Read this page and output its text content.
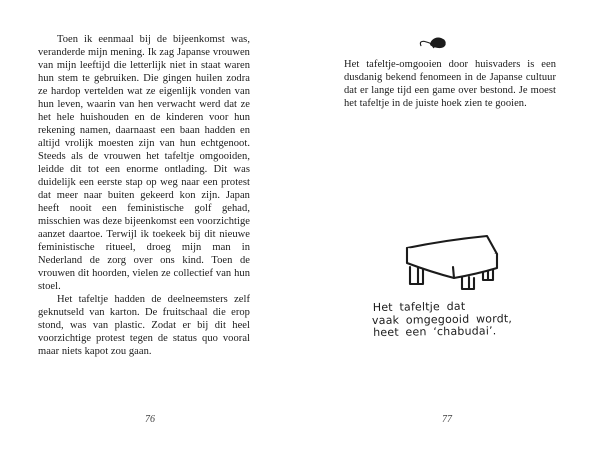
Toen ik eenmaal bij de bijeenkomst was, veranderde mijn mening. Ik zag Japanse vrouwen van mijn leeftijd die letterlijk niet in staat waren hun stem te gebruiken. Die gingen huilen zodra ze hardop vertelden wat ze eigenlijk vonden van hun leven, waarin van hen verwacht werd dat ze het hele huishouden en de kinderen voor hun rekening namen, daarnaast een baan hadden en altijd vrolijk moesten zijn van hun echtgenoot. Steeds als de vrouwen het tafeltje omgooiden, leidde dit tot een enorme ontlading. Dit was duidelijk een eerste stap op weg naar een protest dat meer naar buiten gekeerd kon zijn. Japan heeft nooit een feministische golf gehad, misschien was deze bijeenkomst een voorzichtige aanzet daartoe. Terwijl ik toekeek bij dit nieuwe feministische ritueel, droeg mijn man in Nederland de zorg over ons kind. Toen de vrouwen dit hoorden, vielen ze collectief van hun stoel.

Het tafeltje hadden de deelneemsters zelf geknutseld van karton. De fruitschaal die erop stond, was van plastic. Zodat er bij dit heel voorzichtige protest tegen de status quo vooral maar niets kapot zou gaan.

76

Het tafeltje-omgooien door huisvaders is een dusdanig bekend fenomeen in de Japanse cultuur dat er lange tijd een game over bestond. Je moest het tafeltje in de juiste hoek zien te gooien.

Het tafeltje dat
vaak omgegooid wordt,
heet een ‘chabudai’.
77
